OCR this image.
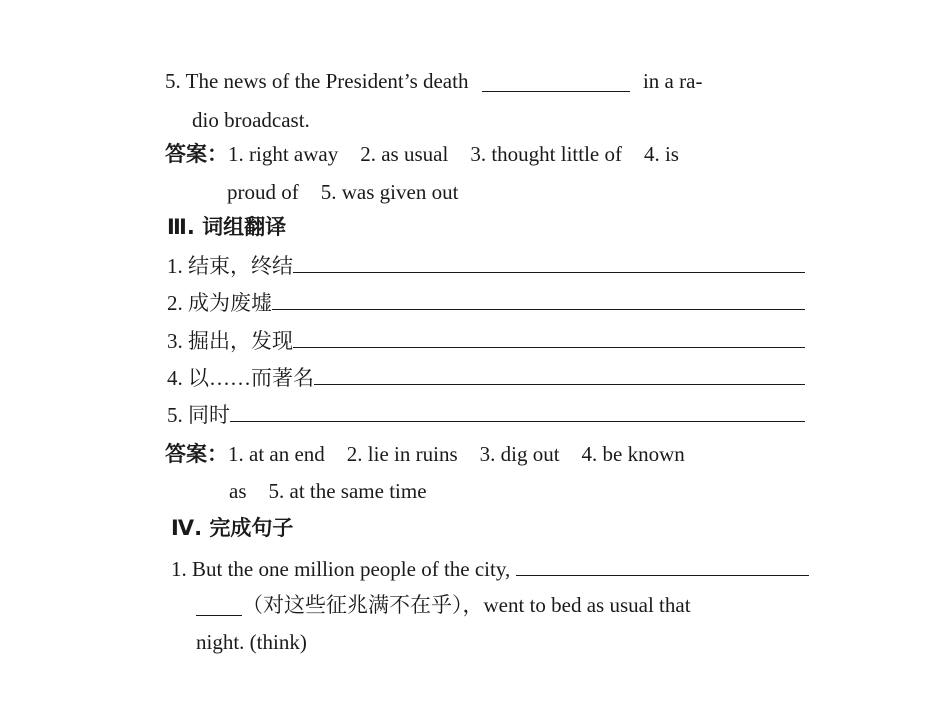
5. The news of the President’s death	in a ra-
dio broadcast.
答案：1. right away 2. as usual 3. thought little of 4. is
proud of 5. was given out
Ⅲ. 词组翻译
1. 结束，终结
2. 成为废墟
3. 掘出，发现
4. 以……而著名
5. 同时
答案：1. at an end 2. lie in ruins 3. dig out 4. be known
as 5. at the same time
Ⅳ. 完成句子
1. But the one million people of the city,
（对这些征兆满不在乎），went to bed as usual that
night. (think)
